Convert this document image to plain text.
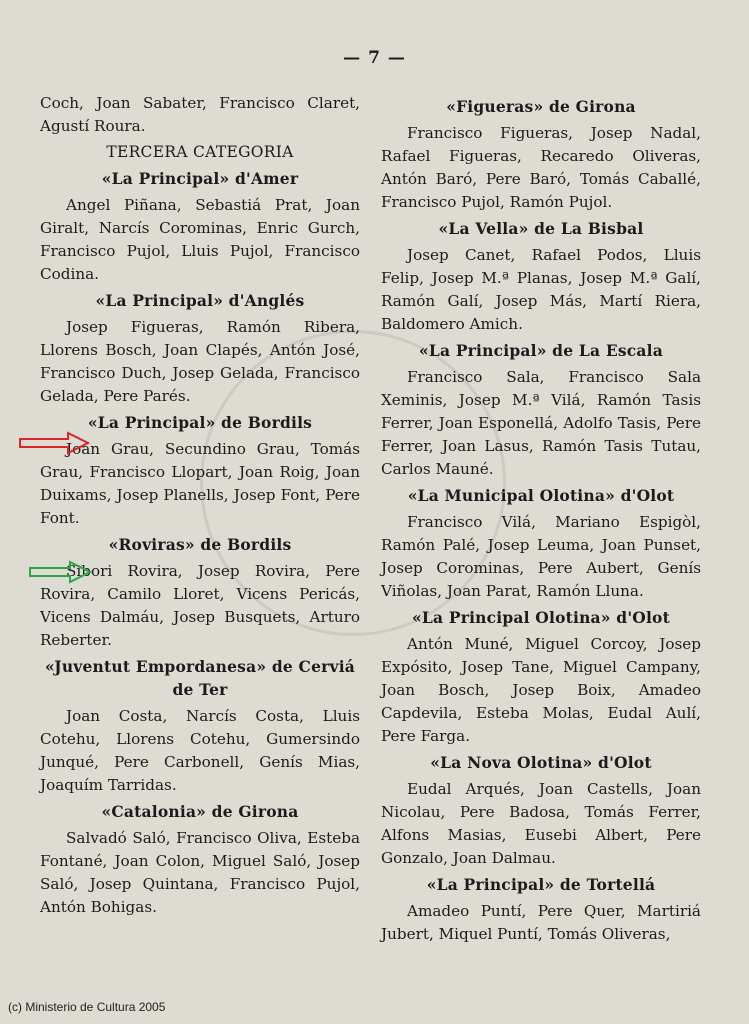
— 7 —

Coch, Joan Sabater, Francisco Claret, Agustí Roura.

TERCERA CATEGORIA
«La Principal» d'Amer

Angel Piñana, Sebastiá Prat, Joan Giralt, Narcís Corominas, Enric Gurch, Francisco Pujol, Lluis Pujol, Francisco Codina.

«La Principal» d'Anglés

Josep Figueras, Ramón Ribera, Llorens Bosch, Joan Clapés, Antón José, Francisco Duch, Josep Gelada, Francisco Gelada, Pere Parés.

«La Principal» de Bordils

Joan Grau, Secundino Grau, Tomás Grau, Francisco Llopart, Joan Roig, Joan Duixams, Josep Planells, Josep Font, Pere Font.

«Roviras» de Bordils

Sibori Rovira, Josep Rovira, Pere Rovira, Camilo Lloret, Vicens Pericás, Vicens Dalmáu, Josep Busquets, Arturo Reberter.

«Juventut Empordanesa» de Cerviá de Ter

Joan Costa, Narcís Costa, Lluis Cotehu, Llorens Cotehu, Gumersindo Junqué, Pere Carbonell, Genís Mias, Joaquím Tarridas.

«Catalonia» de Girona

Salvadó Saló, Francisco Oliva, Esteba Fontané, Joan Colon, Miguel Saló, Josep Saló, Josep Quintana, Francisco Pujol, Antón Bohigas.

«Figueras» de Girona

Francisco Figueras, Josep Nadal, Rafael Figueras, Recaredo Oliveras, Antón Baró, Pere Baró, Tomás Caballé, Francisco Pujol, Ramón Pujol.

«La Vella» de La Bisbal

Josep Canet, Rafael Podos, Lluis Felip, Josep M.ª Planas, Josep M.ª Galí, Ramón Galí, Josep Más, Martí Riera, Baldomero Amich.

«La Principal» de La Escala

Francisco Sala, Francisco Sala Xeminis, Josep M.ª Vilá, Ramón Tasis Ferrer, Joan Esponellá, Adolfo Tasis, Pere Ferrer, Joan Lasus, Ramón Tasis Tutau, Carlos Mauné.

«La Municipal Olotina» d'Olot

Francisco Vilá, Mariano Espigòl, Ramón Palé, Josep Leuma, Joan Punset, Josep Corominas, Pere Aubert, Genís Viñolas, Joan Parat, Ramón Lluna.

«La Principal Olotina» d'Olot

Antón Muné, Miguel Corcoy, Josep Expósito, Josep Tane, Miguel Campany, Joan Bosch, Josep Boix, Amadeo Capdevila, Esteba Molas, Eudal Aulí, Pere Farga.

«La Nova Olotina» d'Olot

Eudal Arqués, Joan Castells, Joan Nicolau, Pere Badosa, Tomás Ferrer, Alfons Masias, Eusebi Albert, Pere Gonzalo, Joan Dalmau.

«La Principal» de Tortellá

Amadeo Puntí, Pere Quer, Martiriá Jubert, Miquel Puntí, Tomás Oliveras,

(c) Ministerio de Cultura 2005
